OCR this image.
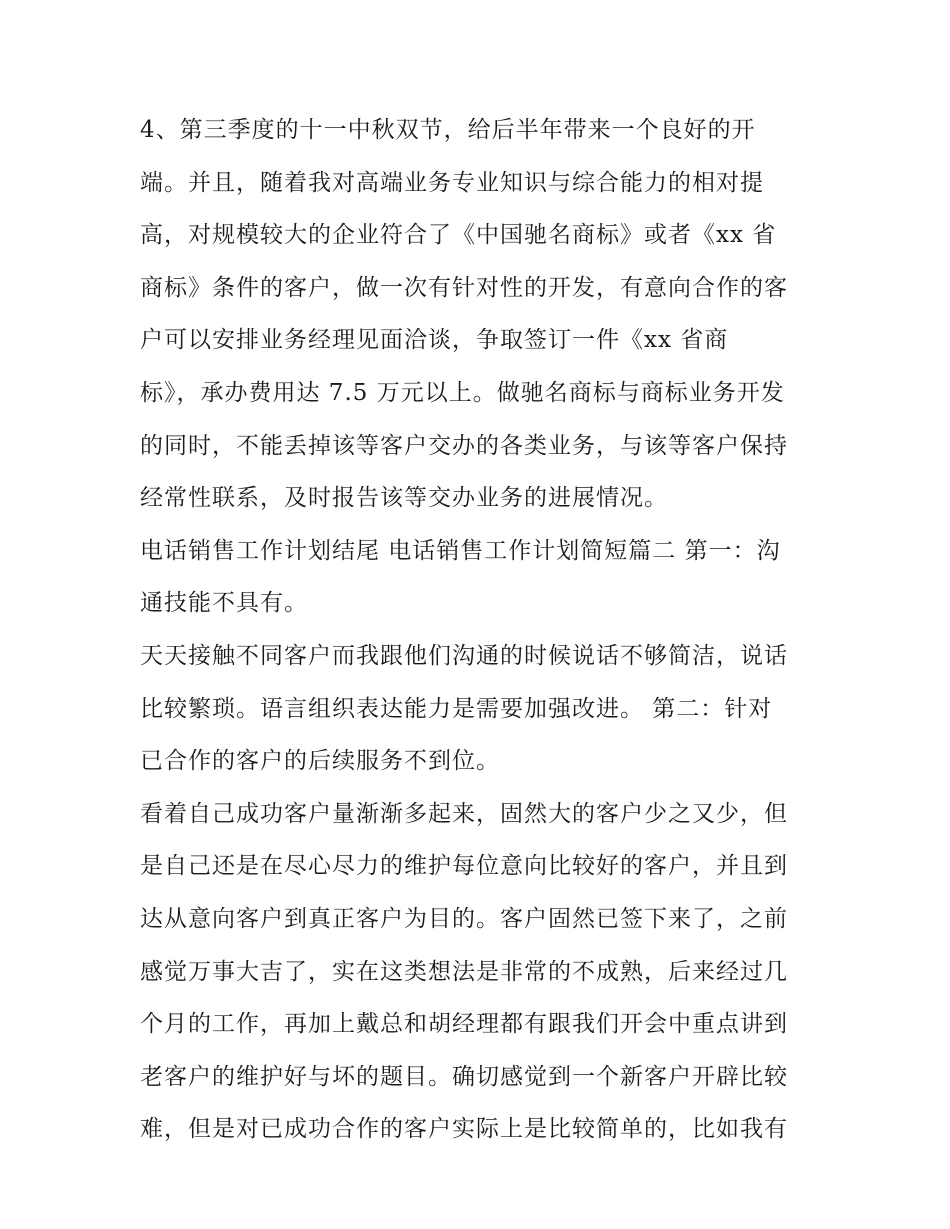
4、第三季度的十一中秋双节，给后半年带来一个良好的开
端。并且，随着我对高端业务专业知识与综合能力的相对提
高，对规模较大的企业符合了《中国驰名商标》或者《xx 省
商标》条件的客户，做一次有针对性的开发，有意向合作的客
户可以安排业务经理见面洽谈，争取签订一件《xx 省商
标》，承办费用达 7.5 万元以上。做驰名商标与商标业务开发
的同时，不能丢掉该等客户交办的各类业务，与该等客户保持
经常性联系，及时报告该等交办业务的进展情况。
电话销售工作计划结尾 电话销售工作计划简短篇二 第一：沟
通技能不具有。
天天接触不同客户而我跟他们沟通的时候说话不够简洁，说话
比较繁琐。语言组织表达能力是需要加强改进。 第二：针对
已合作的客户的后续服务不到位。
看着自己成功客户量渐渐多起来，固然大的客户少之又少，但
是自己还是在尽心尽力的维护每位意向比较好的客户，并且到
达从意向客户到真正客户为目的。客户固然已签下来了，之前
感觉万事大吉了，实在这类想法是非常的不成熟，后来经过几
个月的工作，再加上戴总和胡经理都有跟我们开会中重点讲到
老客户的维护好与坏的题目。确切感觉到一个新客户开辟比较
难，但是对已成功合作的客户实际上是比较简单的，比如我有
